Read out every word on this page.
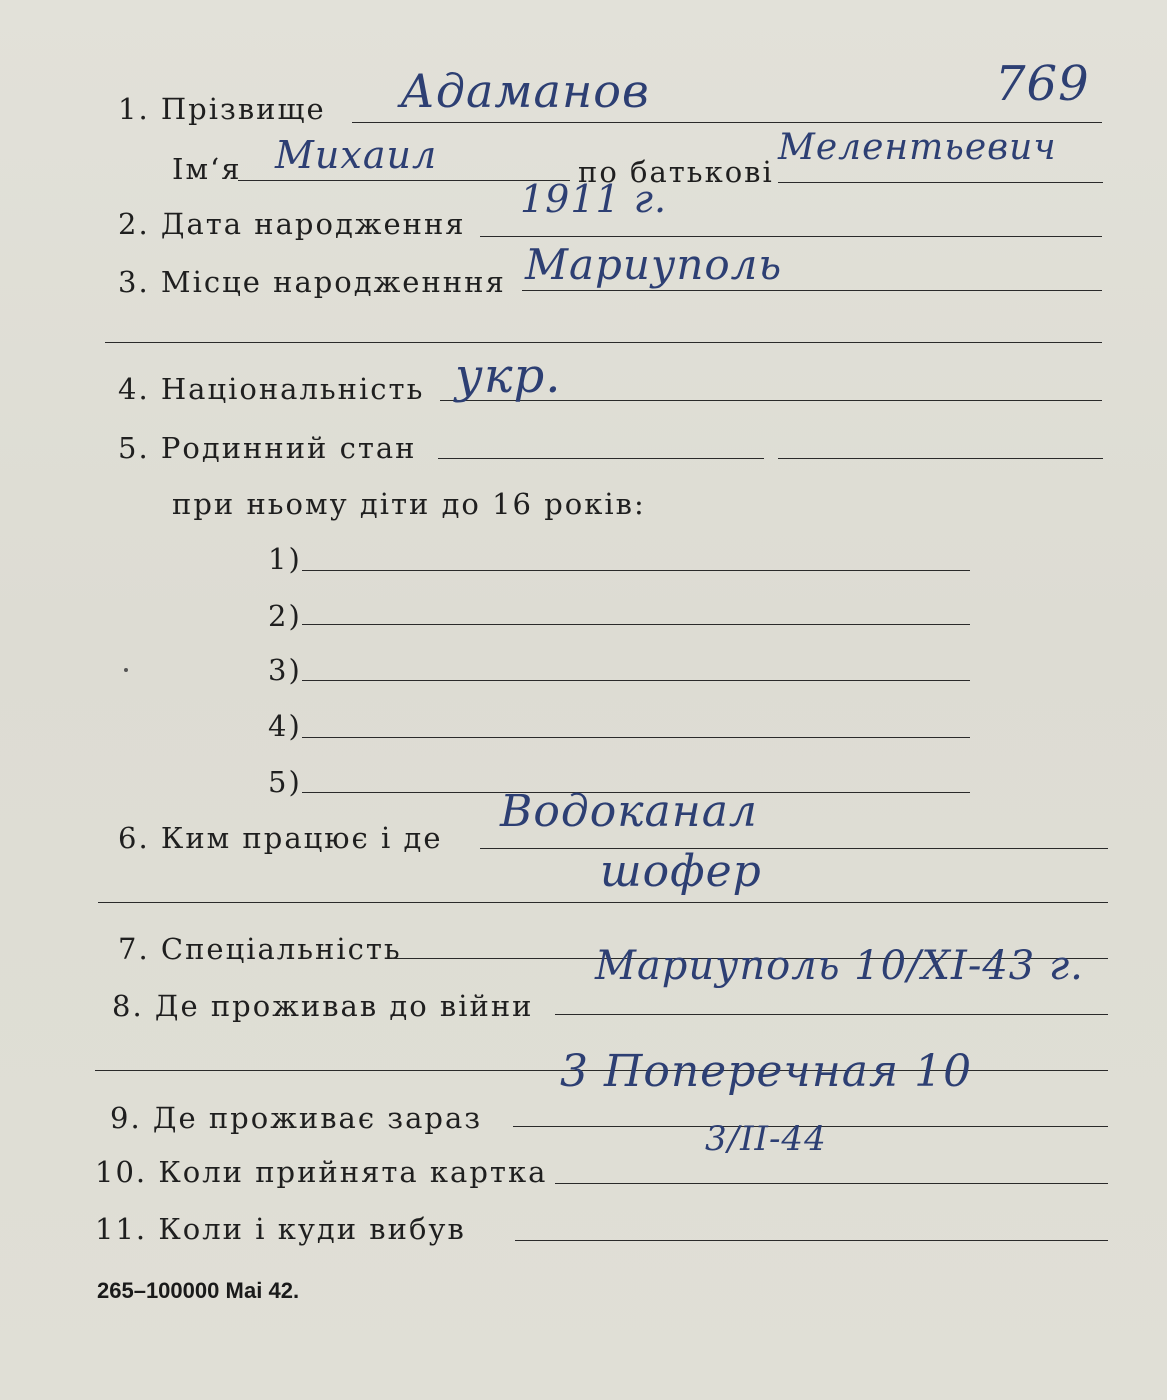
1. Прізвище Адаманов	769
Ім‘я Михаил	по батькові
Мелентьевич
2. Дата народження
1911 г.
3. Місце народженння Мариуполь
4. Національність укр.
5. Родинний стан
при ньому діти до 16 років:
1)
2)
3)
4)
5)
6. Ким працює і де
Водоканал
шофер
7. Спеціальність
8. Де проживав до війни
Мариуполь 10/XI-43 г.
9. Де проживає зараз
3 Поперечная 10
10. Коли прийнята картка
3/II-44
11. Коли і куди вибув
265–100000 Маі 42.
